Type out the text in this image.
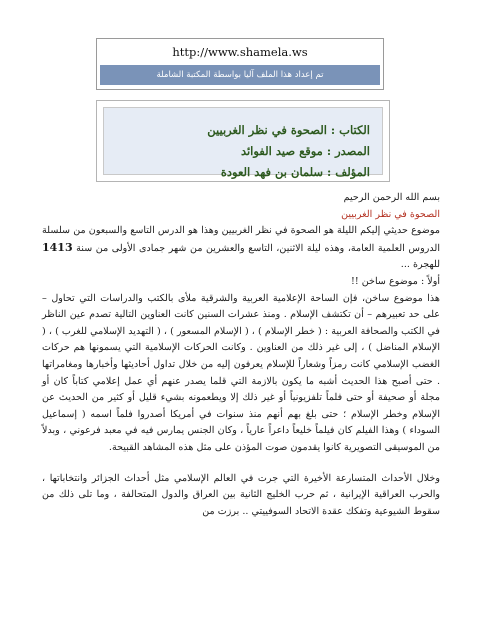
http://www.shamela.ws
تم إعداد هذا الملف آليا بواسطة المكتبة الشاملة
الكتاب : الصحوة في نظر الغربيين
المصدر : موقع صيد الفوائد
المؤلف : سلمان بن فهد العودة

بسم الله الرحمن الرحيم

الصحوة في نظر الغربيين

موضوع حديثي إليكم الليلة هو الصحوة في نظر الغربيين وهذا هو الدرس التاسع والسبعون من سلسلة الدروس العلمية العامة، وهذه ليلة الاثنين، التاسع والعشرين من شهر جمادى الأولى من سنة 1413 للهجرة ...

أولاً : موضوع ساخن !!

هذا موضوع ساخن، فإن الساحة الإعلامية العربية والشرقية ملأى بالكتب والدراسات التي تحاول – على حد تعبيرهم – أن تكتشف الإسلام . ومنذ عشرات السنين كانت العناوين التالية تصدم عين الناظر في الكتب والصحافة العربية : ( خطر الإسلام ) ، ( الإسلام المسعور ) ، ( التهديد الإسلامي للغرب ) ، ( الإسلام المناضل ) ، إلى غير ذلك من العناوين . وكانت الحركات الإسلامية التي يسمونها هم حركات الغضب الإسلامي كانت رمزاً وشعاراً للإسلام يعرفون إليه من خلال تداول أحاديثها وأخبارها ومغامراتها . حتى أصبح هذا الحديث أشبه ما يكون بالازمة التي قلما يصدر عنهم أي عمل إعلامي كتاباً كان أو مجلة أو صحيفة أو حتى فلماً تلفزيونياً أو غير ذلك إلا ويطعمونه بشيء قليل أو كثير من الحديث عن الإسلام وخطر الإسلام ؛ حتى بلغ بهم أنهم منذ سنوات في أمريكا أصدروا فلماً اسمه ( إسماعيل السوداء ) وهذا الفيلم كان فيلماً خليعاً داعراً عارياً ، وكان الجنس يمارس فيه في معبد فرعوني ، وبدلاً من الموسيقى التصويرية كانوا يقدمون صوت المؤذن على مثل هذه المشاهد القبيحة.

وخلال الأحداث المتسارعة الأخيرة التي جرت في العالم الإسلامي مثل أحداث الجزائر وانتخاباتها ، والحرب العراقية الإيرانية ، ثم حرب الخليج الثانية بين العراق والدول المتحالفة ، وما تلى ذلك من سقوط الشيوعية وتفكك عقدة الاتحاد السوفييتي .. برزت من
